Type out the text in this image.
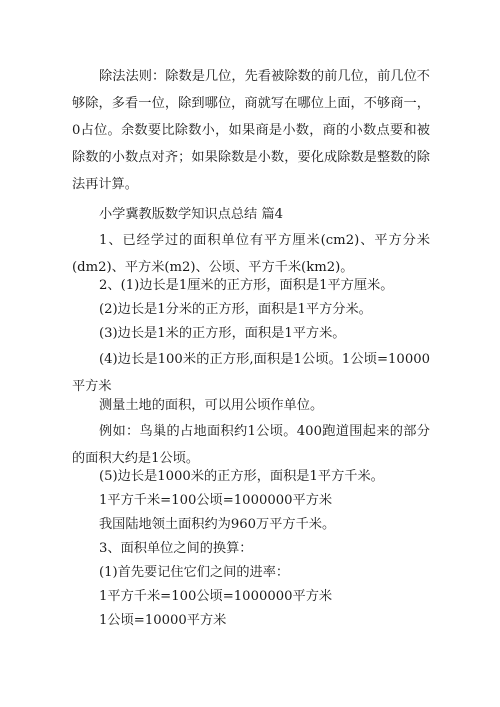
除法法则：除数是几位，先看被除数的前几位，前几位不够除，多看一位，除到哪位，商就写在哪位上面，不够商一，0占位。余数要比除数小，如果商是小数，商的小数点要和被除数的小数点对齐；如果除数是小数，要化成除数是整数的除法再计算。

小学冀教版数学知识点总结 篇4

1、已经学过的面积单位有平方厘米(cm2)、平方分米(dm2)、平方米(m2)、公顷、平方千米(km2)。

2、(1)边长是1厘米的正方形，面积是1平方厘米。

(2)边长是1分米的正方形，面积是1平方分米。

(3)边长是1米的正方形，面积是1平方米。

(4)边长是100米的正方形,面积是1公顷。1公顷=10000平方米

测量土地的面积，可以用公顷作单位。

例如：鸟巢的占地面积约1公顷。400跑道围起来的部分的面积大约是1公顷。

(5)边长是1000米的正方形，面积是1平方千米。

1平方千米=100公顷=1000000平方米

我国陆地领土面积约为960万平方千米。

3、面积单位之间的换算：

(1)首先要记住它们之间的进率：

1平方千米=100公顷=1000000平方米

1公顷=10000平方米
